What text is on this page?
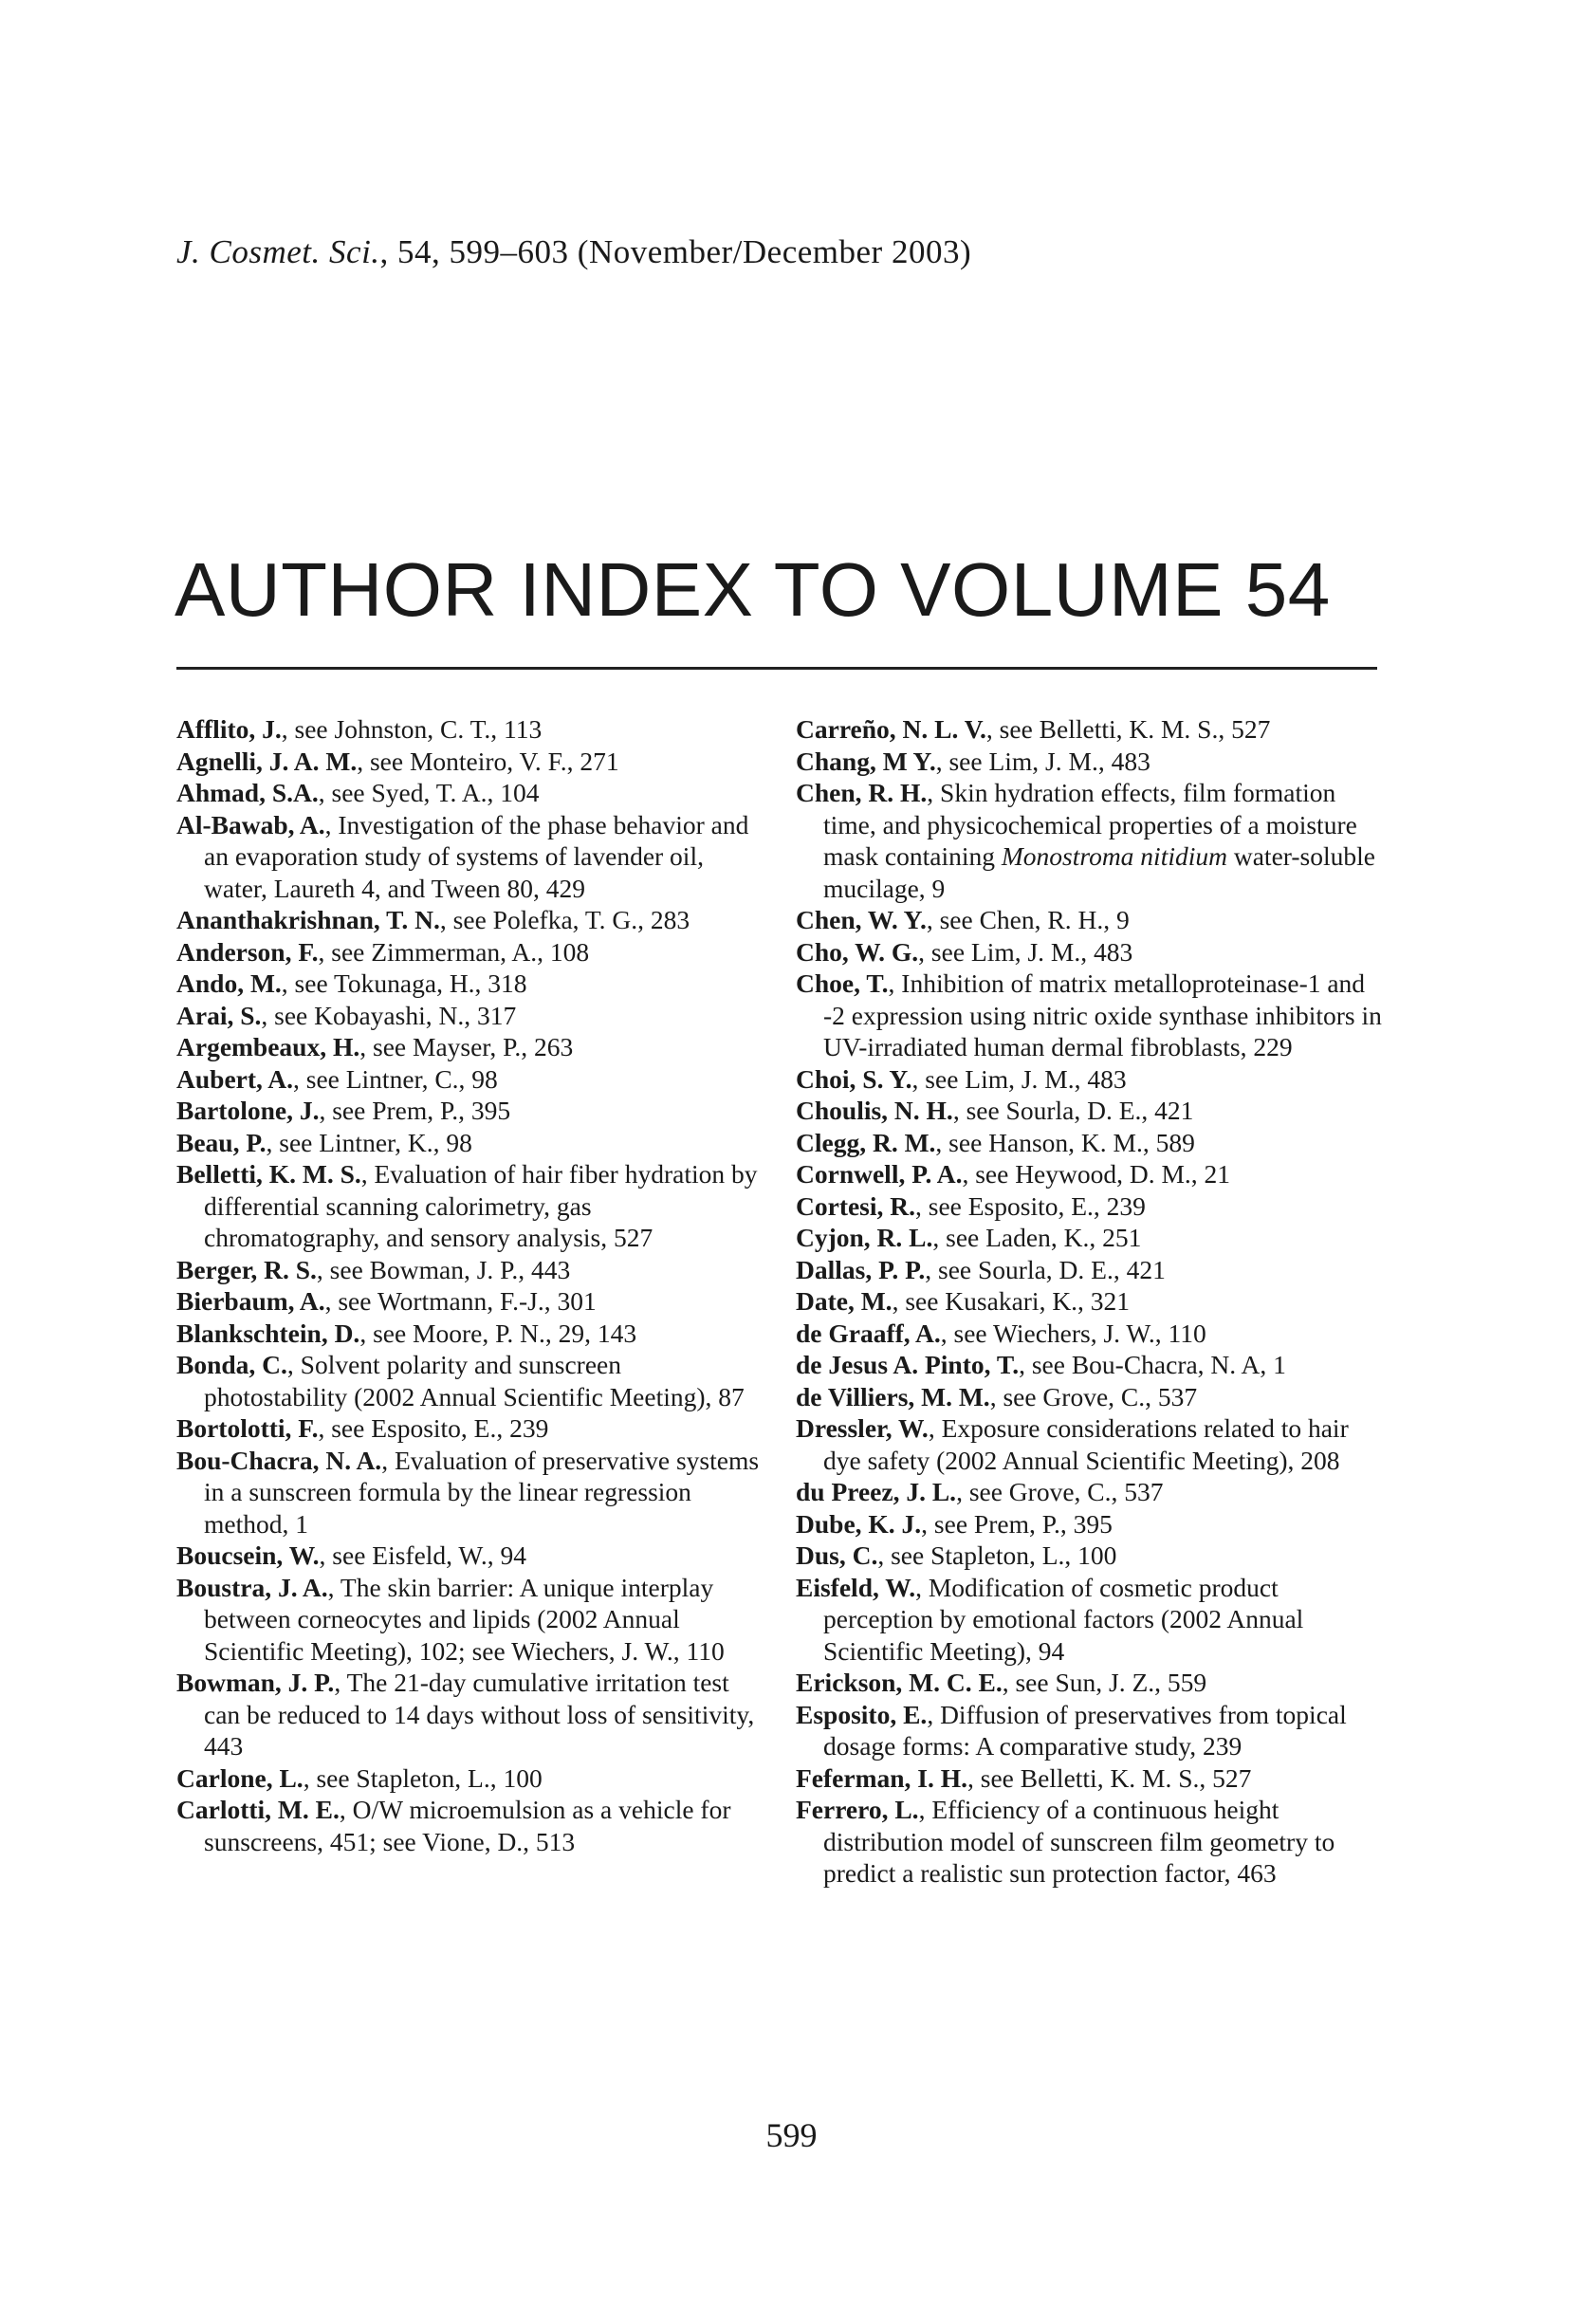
J. Cosmet. Sci., 54, 599–603 (November/December 2003)
AUTHOR INDEX TO VOLUME 54

Afflito, J., see Johnston, C. T., 113

Agnelli, J. A. M., see Monteiro, V. F., 271

Ahmad, S.A., see Syed, T. A., 104

Al-Bawab, A., Investigation of the phase behavior and an evaporation study of systems of lavender oil, water, Laureth 4, and Tween 80, 429

Ananthakrishnan, T. N., see Polefka, T. G., 283

Anderson, F., see Zimmerman, A., 108

Ando, M., see Tokunaga, H., 318

Arai, S., see Kobayashi, N., 317

Argembeaux, H., see Mayser, P., 263

Aubert, A., see Lintner, C., 98

Bartolone, J., see Prem, P., 395

Beau, P., see Lintner, K., 98

Belletti, K. M. S., Evaluation of hair fiber hydration by differential scanning calorimetry, gas chromatography, and sensory analysis, 527

Berger, R. S., see Bowman, J. P., 443

Bierbaum, A., see Wortmann, F.-J., 301

Blankschtein, D., see Moore, P. N., 29, 143

Bonda, C., Solvent polarity and sunscreen photostability (2002 Annual Scientific Meeting), 87

Bortolotti, F., see Esposito, E., 239

Bou-Chacra, N. A., Evaluation of preservative systems in a sunscreen formula by the linear regression method, 1

Boucsein, W., see Eisfeld, W., 94

Boustra, J. A., The skin barrier: A unique interplay between corneocytes and lipids (2002 Annual Scientific Meeting), 102; see Wiechers, J. W., 110

Bowman, J. P., The 21-day cumulative irritation test can be reduced to 14 days without loss of sensitivity, 443

Carlone, L., see Stapleton, L., 100

Carlotti, M. E., O/W microemulsion as a vehicle for sunscreens, 451; see Vione, D., 513

Carreño, N. L. V., see Belletti, K. M. S., 527

Chang, M Y., see Lim, J. M., 483

Chen, R. H., Skin hydration effects, film formation time, and physicochemical properties of a moisture mask containing Monostroma nitidium water-soluble mucilage, 9

Chen, W. Y., see Chen, R. H., 9

Cho, W. G., see Lim, J. M., 483

Choe, T., Inhibition of matrix metalloproteinase-1 and -2 expression using nitric oxide synthase inhibitors in UV-irradiated human dermal fibroblasts, 229

Choi, S. Y., see Lim, J. M., 483

Choulis, N. H., see Sourla, D. E., 421

Clegg, R. M., see Hanson, K. M., 589

Cornwell, P. A., see Heywood, D. M., 21

Cortesi, R., see Esposito, E., 239

Cyjon, R. L., see Laden, K., 251

Dallas, P. P., see Sourla, D. E., 421

Date, M., see Kusakari, K., 321

de Graaff, A., see Wiechers, J. W., 110

de Jesus A. Pinto, T., see Bou-Chacra, N. A, 1

de Villiers, M. M., see Grove, C., 537

Dressler, W., Exposure considerations related to hair dye safety (2002 Annual Scientific Meeting), 208

du Preez, J. L., see Grove, C., 537

Dube, K. J., see Prem, P., 395

Dus, C., see Stapleton, L., 100

Eisfeld, W., Modification of cosmetic product perception by emotional factors (2002 Annual Scientific Meeting), 94

Erickson, M. C. E., see Sun, J. Z., 559

Esposito, E., Diffusion of preservatives from topical dosage forms: A comparative study, 239

Feferman, I. H., see Belletti, K. M. S., 527

Ferrero, L., Efficiency of a continuous height distribution model of sunscreen film geometry to predict a realistic sun protection factor, 463

599
